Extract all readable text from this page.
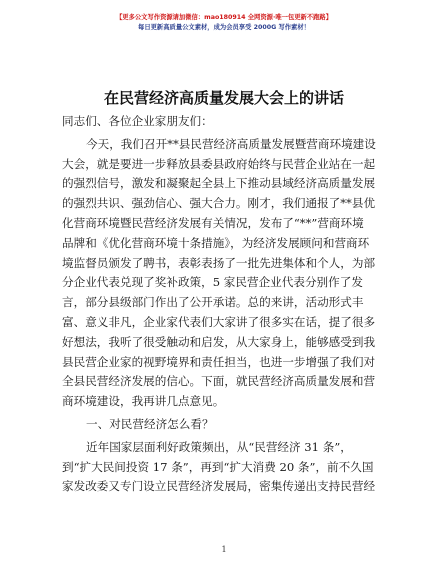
【更多公文写作资源请加微信：mao180914 全网资源·唯一包更新不跑路】
每日更新高质量公文素材，成为会员享受 2000G 写作素材！
在民营经济高质量发展大会上的讲话
同志们、各位企业家朋友们：
今天，我们召开**县民营经济高质量发展暨营商环境建设
大会，就是要进一步释放县委县政府始终与民营企业站在一起
的强烈信号，激发和凝聚起全县上下推动县域经济高质量发展
的强烈共识、强劲信心、强大合力。刚才，我们通报了**县优
化营商环境暨民营经济发展有关情况，发布了“**”营商环境
品牌和《优化营商环境十条措施》，为经济发展顾问和营商环
境监督员颁发了聘书，表彰表扬了一批先进集体和个人，为部
分企业代表兑现了奖补政策，5 家民营企业代表分别作了发
言，部分县级部门作出了公开承诺。总的来讲，活动形式丰
富、意义非凡，企业家代表们大家讲了很多实在话，提了很多
好想法，我听了很受触动和启发，从大家身上，能够感受到我
县民营企业家的视野境界和责任担当，也进一步增强了我们对
全县民营经济发展的信心。下面，就民营经济高质量发展和营
商环境建设，我再讲几点意见。
一、对民营经济怎么看？
近年国家层面利好政策频出，从“民营经济 31 条”，
到“扩大民间投资 17 条”，再到“扩大消费 20 条”，前不久国
家发改委又专门设立民营经济发展局，密集传递出支持民营经
1
